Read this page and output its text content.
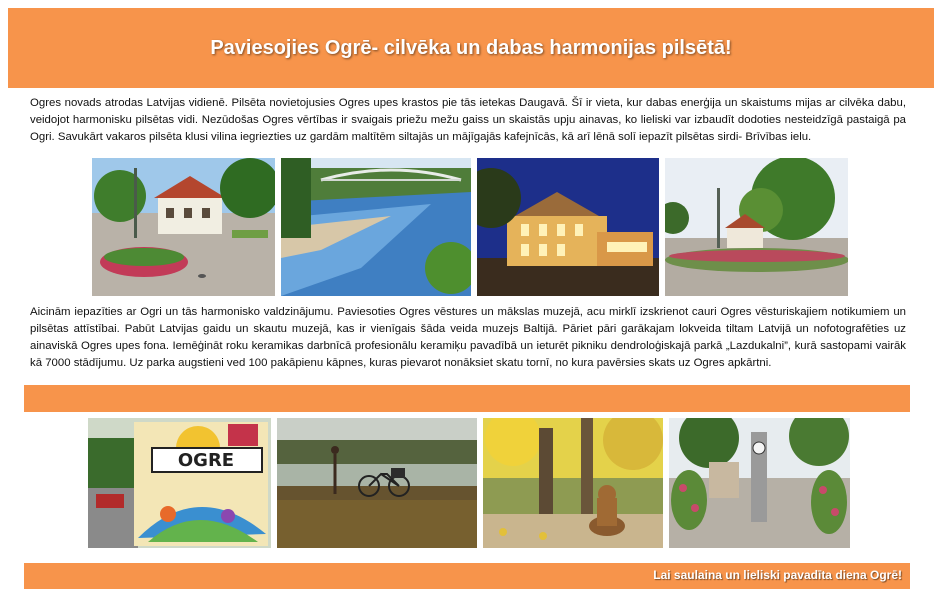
Paviesojies Ogrē- cilvēka un dabas harmonijas pilsētā!

Ogres novads atrodas Latvijas vidienē. Pilsēta novietojusies Ogres upes krastos pie tās ietekas Daugavā. Šī ir vieta, kur dabas enerģija un skaistums mijas ar cilvēka dabu, veidojot harmonisku pilsētas vidi. Nezūdošas Ogres vērtības ir svaigais priežu mežu gaiss un skaistās upju ainavas, ko lieliski var izbaudīt dodoties nesteidzīgā pastaigā pa Ogri. Savukārt vakaros pilsēta klusi vilina iegriezties uz gardām maltītēm siltajās un mājīgajās kafejnīcās, kā arī lēnā solī iepazīt pilsētas sirdi- Brīvības ielu.

Aicinām iepazīties ar Ogri un tās harmonisko valdzinājumu. Paviesoties Ogres vēstures un mākslas muzejā, acu mirklī izskrienot cauri Ogres vēsturiskajiem notikumiem un pilsētas attīstībai. Pabūt Latvijas gaidu un skautu muzejā, kas ir vienīgais šāda veida muzejs Baltijā. Pāriet pāri garākajam lokveida tiltam Latvijā un nofotografēties uz ainaviskā Ogres upes fona. Iemēģināt roku keramikas darbnīcā profesionālu keramiķu pavadībā un ieturēt pikniku dendroloģiskajā parkā „Lazdukalni”, kurā sastopami vairāk kā 7000 stādījumu. Uz parka augstieni ved 100 pakāpienu kāpnes, kuras pievarot nonāksiet skatu tornī, no kura pavērsies skats uz Ogres apkārtni.

OGRE
Lai saulaina un lieliski pavadīta diena Ogrē!
